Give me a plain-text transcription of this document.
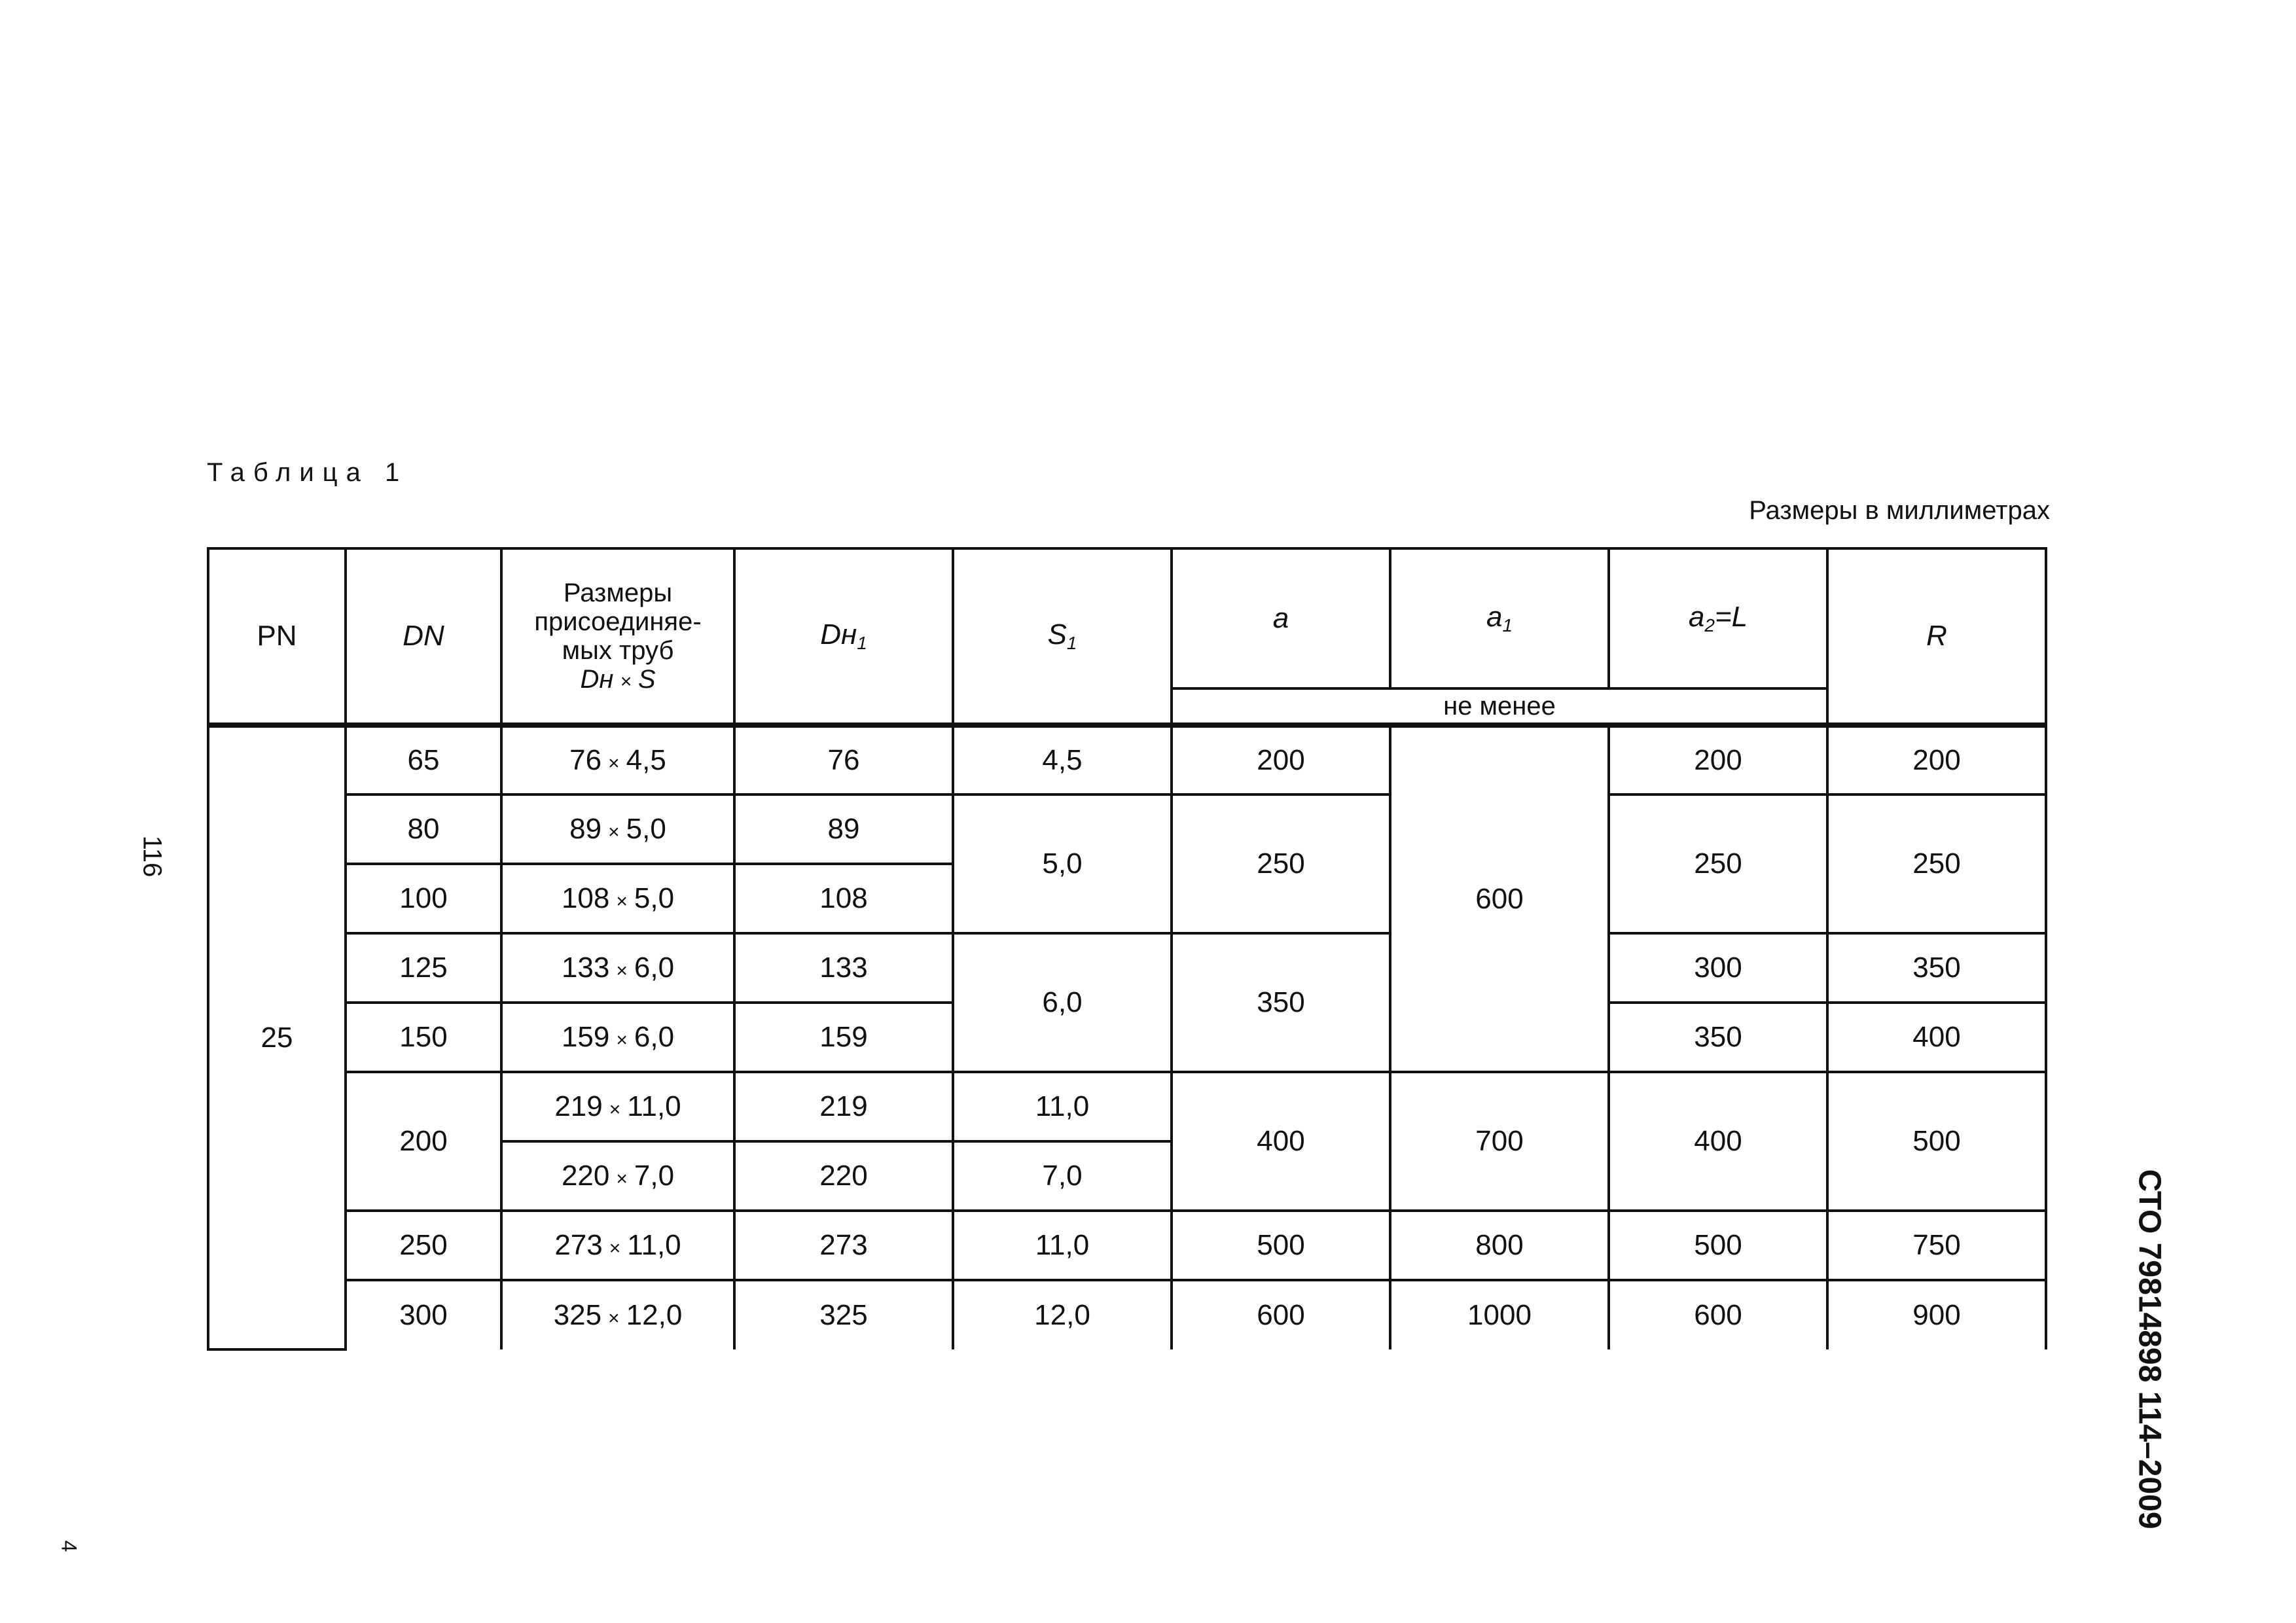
Таблица 1
Размеры в миллиметрах
PN	DN	Размеры
присоединяе-
мых труб
Dн × S	$Dн_1$	$S_1$	a	$a_1$	$a_2=L$	R
					не менее			
25	65	76 × 4,5	76	4,5	200	600	200	200
	80	89 × 5,0	89	5,0	250		250	250
	100	108 × 5,0	108					
	125	133 × 6,0	133	6,0	350		300	350
	150	159 × 6,0	159				350	400
	200	219 × 11,0	219	11,0	400	700	400	500
		220 × 7,0	220	7,0				
	250	273 × 11,0	273	11,0	500	800	500	750
	300	325 × 12,0	325	12,0	600	1000	600	900
116
СТО 79814898 114–2009
4
